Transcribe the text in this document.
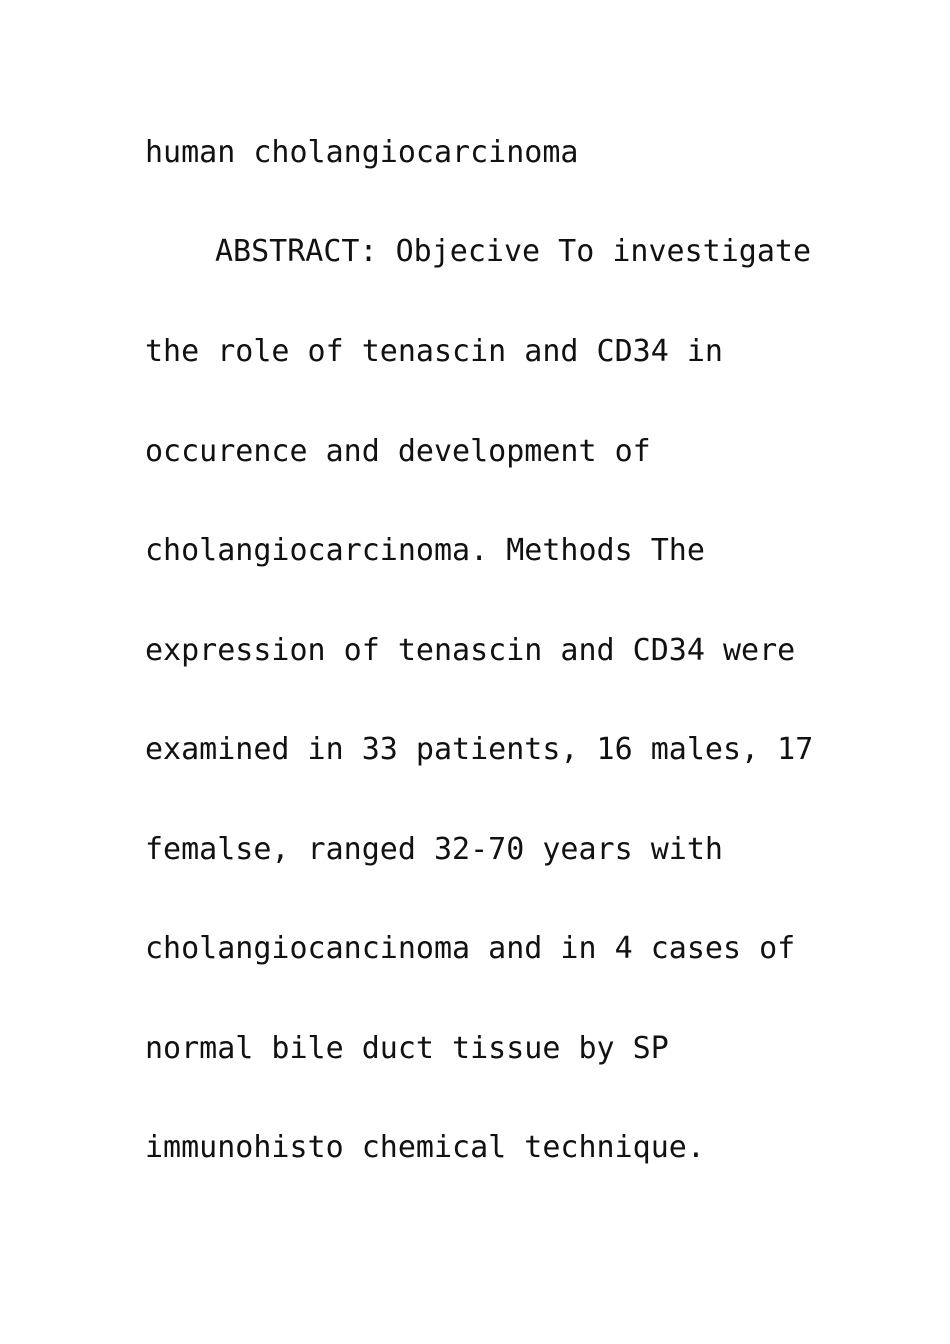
human cholangiocarcinoma
ABSTRACT: Objecive To investigate
the role of tenascin and CD34 in
occurence and development of
cholangiocarcinoma. Methods The
expression of tenascin and CD34 were
examined in 33 patients, 16 males, 17
femalse, ranged 32-70 years with
cholangiocancinoma and in 4 cases of
normal bile duct tissue by SP
immunohisto chemical technique.
